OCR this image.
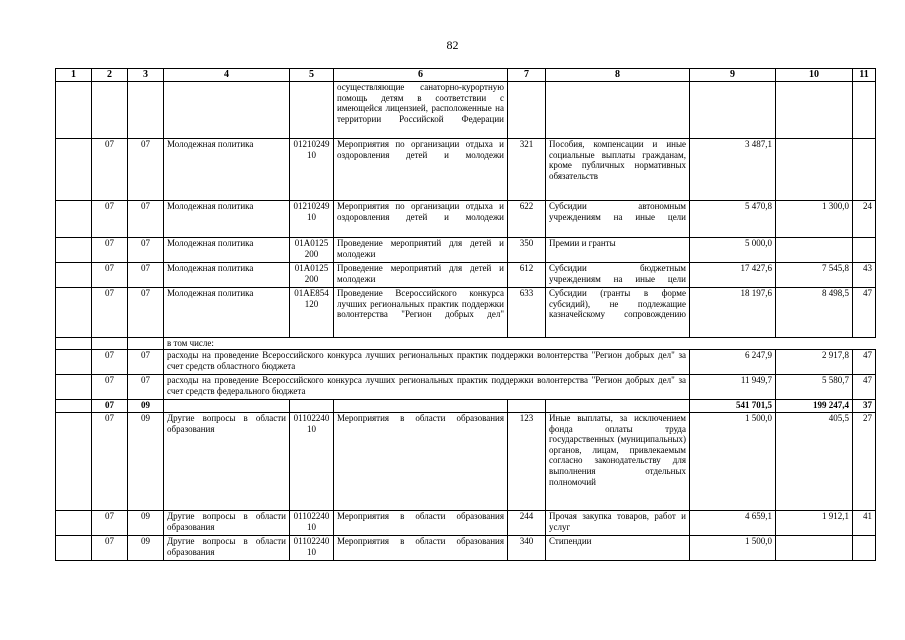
82
1	2	3	4	5	6	7	8	9	10	11
					осуществляющие санаторно-курортную помощь детям в соответствии с имеющейся лицензией, расположенные на территории Российской Федерации					
	07	07	Молодежная политика	0121024910	Мероприятия по организации отдыха и оздоровления детей и молодежи	321	Пособия, компенсации и иные социальные выплаты гражданам, кроме публичных нормативных обязательств	3 487,1		
	07	07	Молодежная политика	0121024910	Мероприятия по организации отдыха и оздоровления детей и молодежи	622	Субсидии автономным учреждениям на иные цели	5 470,8	1 300,0	24
	07	07	Молодежная политика	01А0125200	Проведение мероприятий для детей и молодежи	350	Премии и гранты	5 000,0		
	07	07	Молодежная политика	01А0125200	Проведение мероприятий для детей и молодежи	612	Субсидии бюджетным учреждениям на иные цели	17 427,6	7 545,8	43
	07	07	Молодежная политика	01АЕ854120	Проведение Всероссийского конкурса лучших региональных практик поддержки волонтерства "Регион добрых дел"	633	Субсидии (гранты в форме субсидий), не подлежащие казначейскому сопровождению	18 197,6	8 498,5	47
			в том числе:							
	07	07	расходы на проведение Всероссийского конкурса лучших региональных практик поддержки волонтерства "Регион добрых дел" за счет средств областного бюджета					6 247,9	2 917,8	47
	07	07	расходы на проведение Всероссийского конкурса лучших региональных практик поддержки волонтерства "Регион добрых дел" за счет средств федерального бюджета					11 949,7	5 580,7	47
	07	09						541 701,5	199 247,4	37
	07	09	Другие вопросы в области образования	0110224010	Мероприятия в области образования	123	Иные выплаты, за исключением фонда оплаты труда государственных (муниципальных) органов, лицам, привлекаемым согласно законодательству для выполнения отдельных полномочий	1 500,0	405,5	27
	07	09	Другие вопросы в области образования	0110224010	Мероприятия в области образования	244	Прочая закупка товаров, работ и услуг	4 659,1	1 912,1	41
	07	09	Другие вопросы в области образования	0110224010	Мероприятия в области образования	340	Стипендии	1 500,0		
